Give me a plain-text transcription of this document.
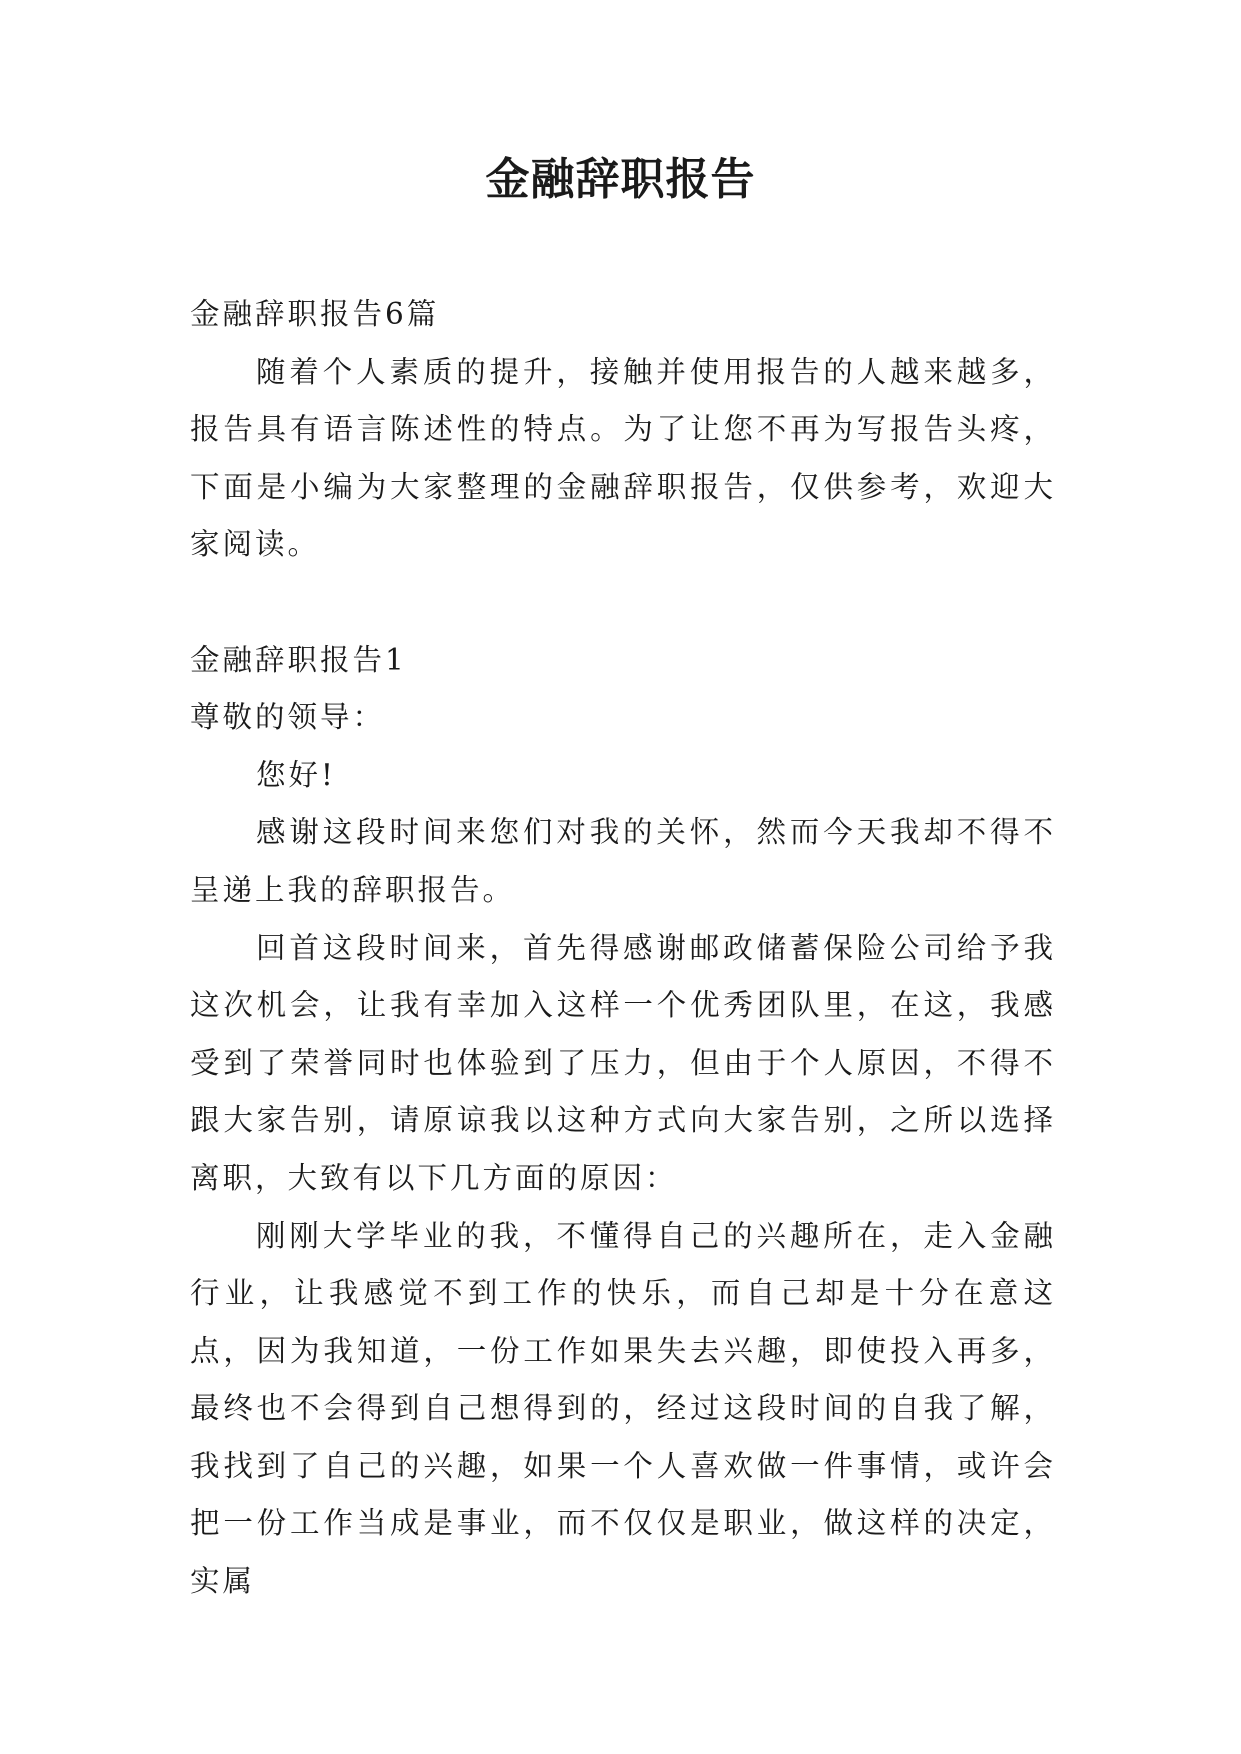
金融辞职报告

金融辞职报告6篇

随着个人素质的提升，接触并使用报告的人越来越多，报告具有语言陈述性的特点。为了让您不再为写报告头疼，下面是小编为大家整理的金融辞职报告，仅供参考，欢迎大家阅读。

金融辞职报告1

尊敬的领导：

您好!

感谢这段时间来您们对我的关怀，然而今天我却不得不呈递上我的辞职报告。

回首这段时间来，首先得感谢邮政储蓄保险公司给予我这次机会，让我有幸加入这样一个优秀团队里，在这，我感受到了荣誉同时也体验到了压力，但由于个人原因，不得不跟大家告别，请原谅我以这种方式向大家告别，之所以选择离职，大致有以下几方面的原因：

刚刚大学毕业的我，不懂得自己的兴趣所在，走入金融行业，让我感觉不到工作的快乐，而自己却是十分在意这点，因为我知道，一份工作如果失去兴趣，即使投入再多，最终也不会得到自己想得到的，经过这段时间的自我了解，我找到了自己的兴趣，如果一个人喜欢做一件事情，或许会把一份工作当成是事业，而不仅仅是职业，做这样的决定，实属
